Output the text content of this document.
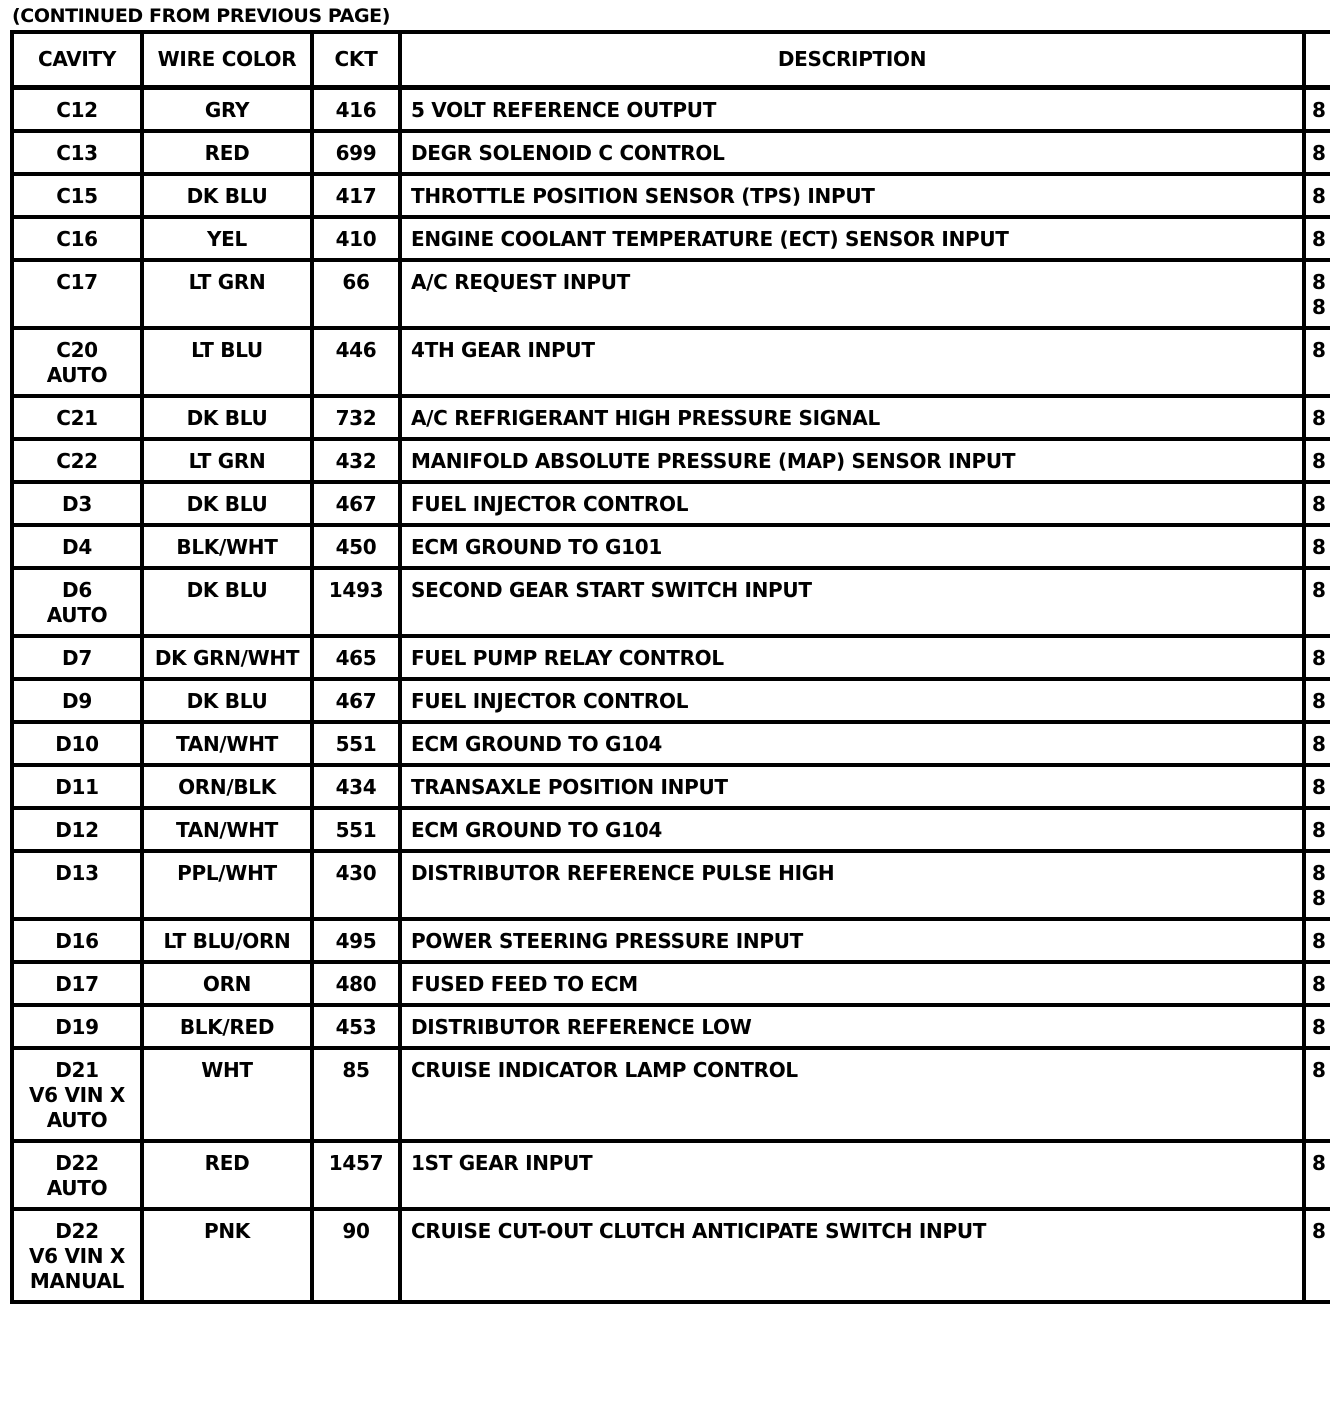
(CONTINUED FROM PREVIOUS PAGE)
CAVITY	WIRE COLOR	CKT	DESCRIPTION	

C12	GRY	416	5 VOLT REFERENCE OUTPUT	8

C13	RED	699	DEGR SOLENOID C CONTROL	8

C15	DK BLU	417	THROTTLE POSITION SENSOR (TPS) INPUT	8

C16	YEL	410	ENGINE COOLANT TEMPERATURE (ECT) SENSOR INPUT	8

C17	LT GRN	66	A/C REQUEST INPUT	8
8

C20
AUTO	LT BLU	446	4TH GEAR INPUT	8

C21	DK BLU	732	A/C REFRIGERANT HIGH PRESSURE SIGNAL	8

C22	LT GRN	432	MANIFOLD ABSOLUTE PRESSURE (MAP) SENSOR INPUT	8

D3	DK BLU	467	FUEL INJECTOR CONTROL	8

D4	BLK/WHT	450	ECM GROUND TO G101	8

D6
AUTO	DK BLU	1493	SECOND GEAR START SWITCH INPUT	8

D7	DK GRN/WHT	465	FUEL PUMP RELAY CONTROL	8

D9	DK BLU	467	FUEL INJECTOR CONTROL	8

D10	TAN/WHT	551	ECM GROUND TO G104	8

D11	ORN/BLK	434	TRANSAXLE POSITION INPUT	8

D12	TAN/WHT	551	ECM GROUND TO G104	8

D13	PPL/WHT	430	DISTRIBUTOR REFERENCE PULSE HIGH	8
8

D16	LT BLU/ORN	495	POWER STEERING PRESSURE INPUT	8

D17	ORN	480	FUSED FEED TO ECM	8

D19	BLK/RED	453	DISTRIBUTOR REFERENCE LOW	8

D21
V6 VIN X
AUTO	WHT	85	CRUISE INDICATOR LAMP CONTROL	8

D22
AUTO	RED	1457	1ST GEAR INPUT	8

D22
V6 VIN X
MANUAL	PNK	90	CRUISE CUT-OUT CLUTCH ANTICIPATE SWITCH INPUT	8
